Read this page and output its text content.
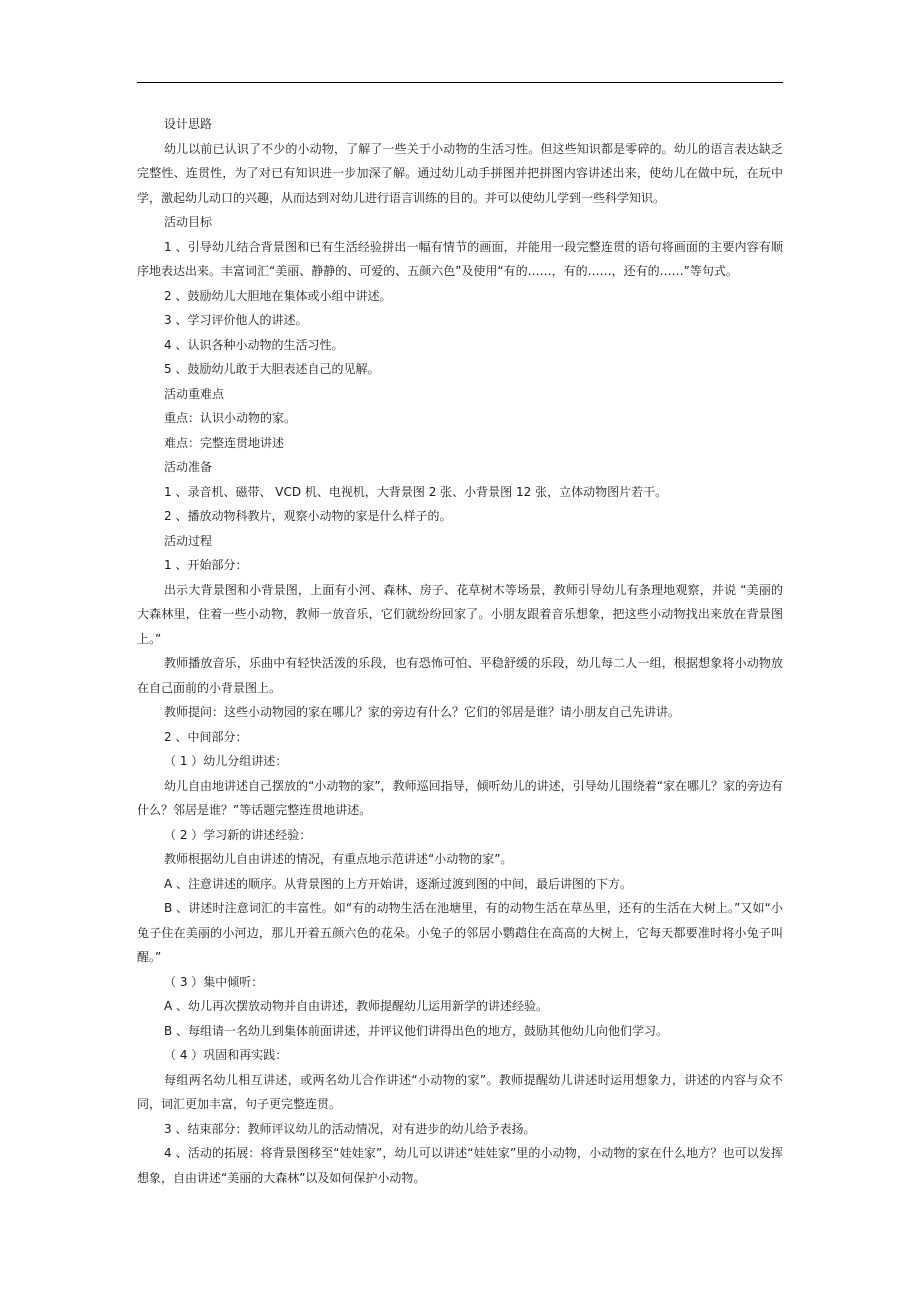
设计思路

幼儿以前已认识了不少的小动物，了解了一些关于小动物的生活习性。但这些知识都是零碎的。幼儿的语言表达缺乏完整性、连贯性，为了对已有知识进一步加深了解。通过幼儿动手拼图并把拼图内容讲述出来，使幼儿在做中玩，在玩中学，激起幼儿动口的兴趣，从而达到对幼儿进行语言训练的目的。并可以使幼儿学到一些科学知识。

活动目标

1 、引导幼儿结合背景图和已有生活经验拼出一幅有情节的画面，并能用一段完整连贯的语句将画面的主要内容有顺序地表达出来。丰富词汇“美丽、静静的、可爱的、五颜六色”及使用“有的……，有的……，还有的……”等句式。

2 、鼓励幼儿大胆地在集体或小组中讲述。

3 、学习评价他人的讲述。

4 、认识各种小动物的生活习性。

5 、鼓励幼儿敢于大胆表述自己的见解。

活动重难点

重点：认识小动物的家。

难点：完整连贯地讲述

活动准备

1 、录音机、磁带、 VCD 机、电视机，大背景图 2 张、小背景图 12 张，立体动物图片若干。

2 、播放动物科教片，观察小动物的家是什么样子的。

活动过程

1 、开始部分：

出示大背景图和小背景图，上面有小河、森林、房子、花草树木等场景，教师引导幼儿有条理地观察，并说 “美丽的大森林里，住着一些小动物，教师一放音乐，它们就纷纷回家了。小朋友跟着音乐想象，把这些小动物找出来放在背景图上。”

教师播放音乐，乐曲中有轻快活泼的乐段，也有恐怖可怕、平稳舒缓的乐段，幼儿每二人一组，根据想象将小动物放在自己面前的小背景图上。

教师提问：这些小动物园的家在哪儿？家的旁边有什么？它们的邻居是谁？请小朋友自己先讲讲。

2 、中间部分：

（ 1 ）幼儿分组讲述：

幼儿自由地讲述自己摆放的“小动物的家”，教师巡回指导，倾听幼儿的讲述，引导幼儿围绕着“家在哪儿？家的旁边有什么？邻居是谁？”等话题完整连贯地讲述。

（ 2 ）学习新的讲述经验：

教师根据幼儿自由讲述的情况，有重点地示范讲述“小动物的家”。

A 、注意讲述的顺序。从背景图的上方开始讲，逐渐过渡到图的中间，最后讲图的下方。

B 、讲述时注意词汇的丰富性。如“有的动物生活在池塘里，有的动物生活在草丛里，还有的生活在大树上。”又如“小兔子住在美丽的小河边，那儿开着五颜六色的花朵。小兔子的邻居小鹦鹉住在高高的大树上，它每天都要准时将小兔子叫醒。”

（ 3 ）集中倾听：

A 、幼儿再次摆放动物并自由讲述，教师提醒幼儿运用新学的讲述经验。

B 、每组请一名幼儿到集体前面讲述，并评议他们讲得出色的地方，鼓励其他幼儿向他们学习。

（ 4 ）巩固和再实践：

每组两名幼儿相互讲述，或两名幼儿合作讲述“小动物的家”。教师提醒幼儿讲述时运用想象力，讲述的内容与众不同，词汇更加丰富，句子更完整连贯。

3 、结束部分：教师评议幼儿的活动情况，对有进步的幼儿给予表扬。

4 、活动的拓展：将背景图移至“娃娃家”，幼儿可以讲述“娃娃家”里的小动物，小动物的家在什么地方？也可以发挥想象，自由讲述“美丽的大森林”以及如何保护小动物。
